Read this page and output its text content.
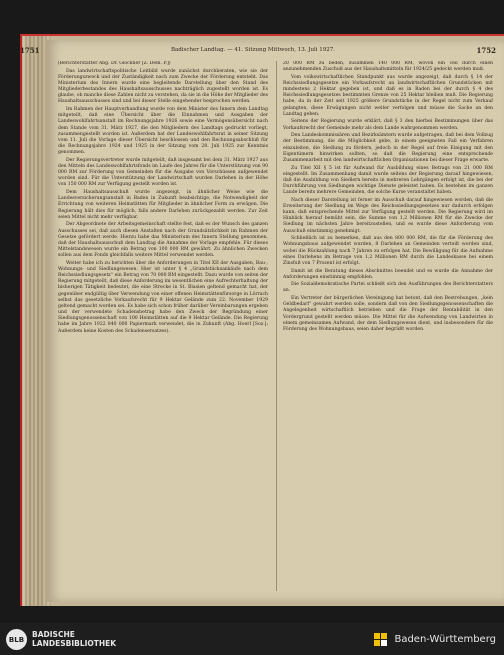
1751	Badischer Landtag. — 41. Sitzung Mittwoch, 13. Juli 1927.	1752

(Berichterstatter Abg. Dr. Glockner [Z. Dem. P.])

Das landwirtschaftspolitische Leitbild wurde zunächst durchberaten, wie sie der Förderungszweck und der Zuständigkeit nach zum Zwecke der Förderung entsteht. Das Ministerium des Innern wurde eine begleitende Darstellung über den Stand des Mitgliederbestandes des Haushaltsausschusses nachträglich zugestellt worden ist. Es glaube, ob manche diese Zahlen nicht zu verstehen, da sie in die Höhe der Mitglieder des Haushaltsausschusses sind und bei dieser Stelle eingehender besprochen werden.

Im Rahmen der Hauptverhandlung wurde von dem Minister des Innern dem Landtag mitgeteilt, daß eine Übersicht über die Einnahmen und Ausgaben der Landeswohlfahrtsanstalt im Rechnungsjahre 1926 sowie eine Vermögensübersicht nach dem Stande vom 31. März 1927, die den Mitgliedern des Landtags gedruckt vorliegt, zusammengestellt worden ist. Außerdem hat der Landeswohlfahrtsrat in seiner Sitzung vom 11. Juli die Vorlage dieser Übersicht beschlossen und den Rechnungsabschluß für die Rechnungsjahre 1924 und 1925 in der Sitzung vom 28. Juli 1925 zur Kenntnis genommen.

Der Regierungsvertreter wurde mitgeteilt, daß insgesamt bei dem 31. März 1927 aus den Mitteln des Landeswohlfahrtsfonds im Laufe des Jahres für die Unterstützung von 90 000 RM zur Förderung von Gemeinden für die Ausgabe von Vorschüssen aufgewendet worden sind. Für die Unterstützung der Landwirtschaft wurden Darlehen in der Höhe von 150 000 RM zur Verfügung gestellt worden ist.

Dem Haushaltsausschuß wurde angezeigt, in ähnlicher Weise wie die Landesversicherungsanstalt in Baden in Zukunft beabsichtige, die Notwendigkeit der Errichtung von weiteren Heimstätten für Mitglieder in ähnlicher Form zu erwägen. Die Regierung hält dies für möglich, falls andere Darlehen zurückgezahlt werden. Zur Zeit seien Mittel nicht mehr verfügbar.

Der Abgeordnete der Arbeitsgemeinschaft stellte fest, daß es der Wunsch des ganzen Ausschusses sei, daß auch diesen Anstalten nach der Grundsätzlichkeit im Rahmen der Gesetze gefördert werde. Hierzu habe das Ministerium des Innern Stellung genommen, daß der Haushaltsausschuß dem Landtag die Annahme der Vorlage empfehle. Für dieses Mittelstandswesen wurde ein Betrag von 100 000 RM gewährt. Zu ähnlichen Zwecken sollen aus dem Fonds gleichfalls weitere Mittel verwendet werden.

Weiter habe ich zu berichten über die Anforderungen in Titel XII der Ausgaben, Bau-, Wohnungs- und Siedlungswesen. Hier ist unter § 4 „Grundstücksankäufe nach dem Reichssiedlungsgesetz“ ein Betrag von 70 000 RM eingestellt. Dazu wurde von seiten der Regierung mitgeteilt, daß diese Anforderung im wesentlichen eine Aufrechterhaltung der bisherigen Tätigkeit bedeutet, die eine Strecke in St. Blasien geltend gemacht hat, der gegenüber endgültig über Verwendung von einer offenen Heimstättenfürsorge in Lörrach selbst das gesetzliche Vorkaufsrecht für 9 Hektar Gelände zum 22. November 1929 geltend gemacht worden sei. Es habe sich schon früher darüber Vereinbarungen ergeben und der verwendete Schadensbetrag habe den Zweck der Begründung einer Siedlungsgenossenschaft von 100 Heimstätten auf die 9 Hektar Gelände. Die Regierung habe im Jahre 1922 840 000 Papiermark verwendet, die in Zukunft (Abg. Hoerl [Soz.]: Außerdem keine Kosten des Schadensersatzes).

20 000 RM zu beden, zusammen 140 000 RM, wovon ein Teil durch einen anzunehmenden Zuschuß aus der Haushaltsmitteln für 1924/25 gedeckt werden muß.

Vom volkswirtschaftlichen Standpunkt aus wurde angezeigt, daß durch § 14 der Reichssiedlungsgesetze ein Vorkaufsrecht an landwirtschaftlichen Grundstücken mit mindestens 2 Hektar gegeben ist, und daß es in Baden bei der durch § 4 des Reichssiedlungsgesetzes bestimmten Grenze von 25 Hektar bleiben muß. Die Regierung habe, da in der Zeit seit 1925 größere Grundstücke in der Regel nicht zum Verkauf gelangten, diese Erwägungen nicht weiter verfolgen und müsse die Sache an den Landtag geben.

Seitens der Regierung wurde erklärt, daß § 3 den hierbei Bestimmungen über das Vorkaufsrecht der Gemeinde mehr als dem Lande wahrgenommen werden.

Den Landeskommissären und Bezirksämtern wurde aufgetragen, daß bei dem Vollzug der Bestimmung, die die Möglichkeit gebe, in einem geeigneten Fall ein Verfahren einzuleiten, die Siedlung zu fördern, jedoch in der Regel auf freie Einigung mit den Eigentümern hinwirken sollten, so daß die Regierung eine entsprechende Zusammenarbeit mit den landwirtschaftlichen Organisationen bei dieser Frage erwarte.

Zu Titel XII § 5 ist für Aufwand für Ausbildung eines Betrags von 21 000 RM eingestellt. Im Zusammenhang damit wurde seitens der Regierung darauf hingewiesen, daß die Ausbildung von Siedlern bereits in mehreren Lehrgängen erfolgt ist, die bei der Durchführung von Siedlungen wichtige Dienste geleistet haben. Es bestehen im ganzen Lande bereits mehrere Gemeinden, die solche Kurse veranstaltet haben.

Nach dieser Darstellung ist ferner im Ausschuß darauf hingewiesen worden, daß die Erweiterung der Siedlung im Wege des Reichssiedlungsgesetzes nur dadurch erfolgen kann, daß entsprechende Mittel zur Verfügung gestellt werden. Die Regierung wird im Hinblick hierauf bemüht sein, die Summe von 1,2 Millionen RM für die Zwecke der Siedlung im nächsten Jahre bereitzustellen, und es wurde diese Anforderung vom Ausschuß einstimmig genehmigt.

Schließlich ist zu bemerken, daß aus den 800 000 RM, die für die Förderung des Wohnungsbaus aufgewendet wurden, 8 Darlehen an Gemeinden verteilt worden sind, wobei die Rückzahlung nach 7 Jahren zu erfolgen hat. Die Bewilligung für die Aufnahme eines Darlehens im Betrage von 1,2 Millionen RM durch die Landeskasse bei einem Zinsfuß von 7 Prozent ist erfolgt.

Damit ist die Beratung dieses Abschnittes beendet und es wurde die Annahme der Anforderungen einstimmig empfohlen.

Die Sozialdemokratische Partei schließt sich den Ausführungen des Berichterstatters an.

Ein Vertreter der bürgerlichen Vereinigung hat betont, daß den Bestrebungen, „kein Geldbedarf“ gewahrt werden solle, sondern daß von den Siedlungsgenossenschaften die Angelegenheit wirtschaftlich betrieben und die Frage der Rentabilität in den Vordergrund gestellt werden müsse. Die Mittel für die Aufwendung von Landwirten in einem gemeinsamen Aufwand, der dem Siedlungswesen dient, und insbesondere für die Förderung des Wohnungsbaus, seien daher begrüßt worden.

BLB
BADISCHE
LANDESBIBLIOTHEK	Baden-Württemberg
